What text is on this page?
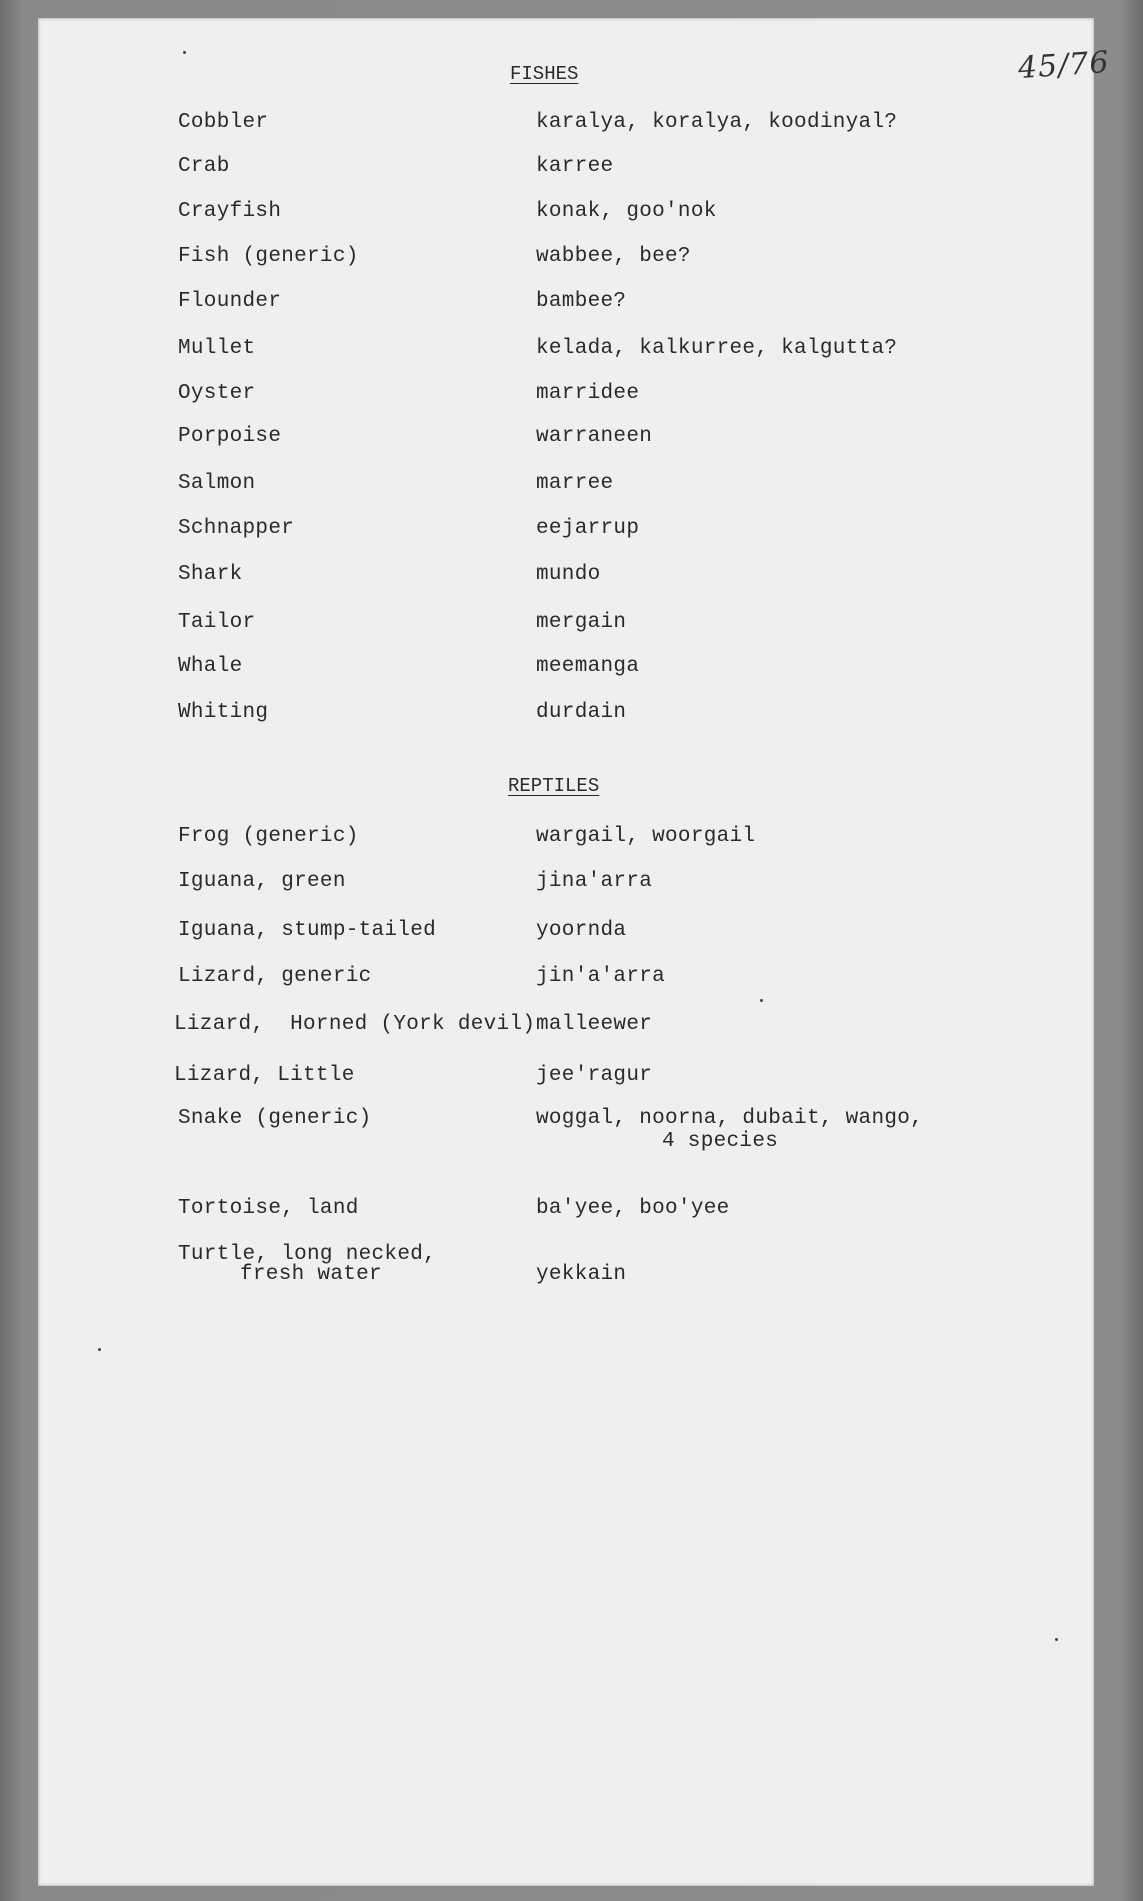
45/76
FISHES
Cobbler	karalya, koralya, koodinyal?
Crab	karree
Crayfish	konak, goo'nok
Fish (generic)	wabbee, bee?
Flounder	bambee?
Mullet	kelada, kalkurree, kalgutta?
Oyster	marridee
Porpoise	warraneen
Salmon	marree
Schnapper	eejarrup
Shark	mundo
Tailor	mergain
Whale	meemanga
Whiting	durdain
REPTILES
Frog (generic)	wargail, woorgail
Iguana, green	jina'arra
Iguana, stump-tailed	yoornda
Lizard, generic	jin'a'arra
Lizard,  Horned (York devil) malleewer
Lizard, Little	jee'ragur
Snake (generic)	woggal, noorna, dubait, wango,
4 species
Tortoise, land	ba'yee, boo'yee
Turtle, long necked,
fresh water	yekkain
